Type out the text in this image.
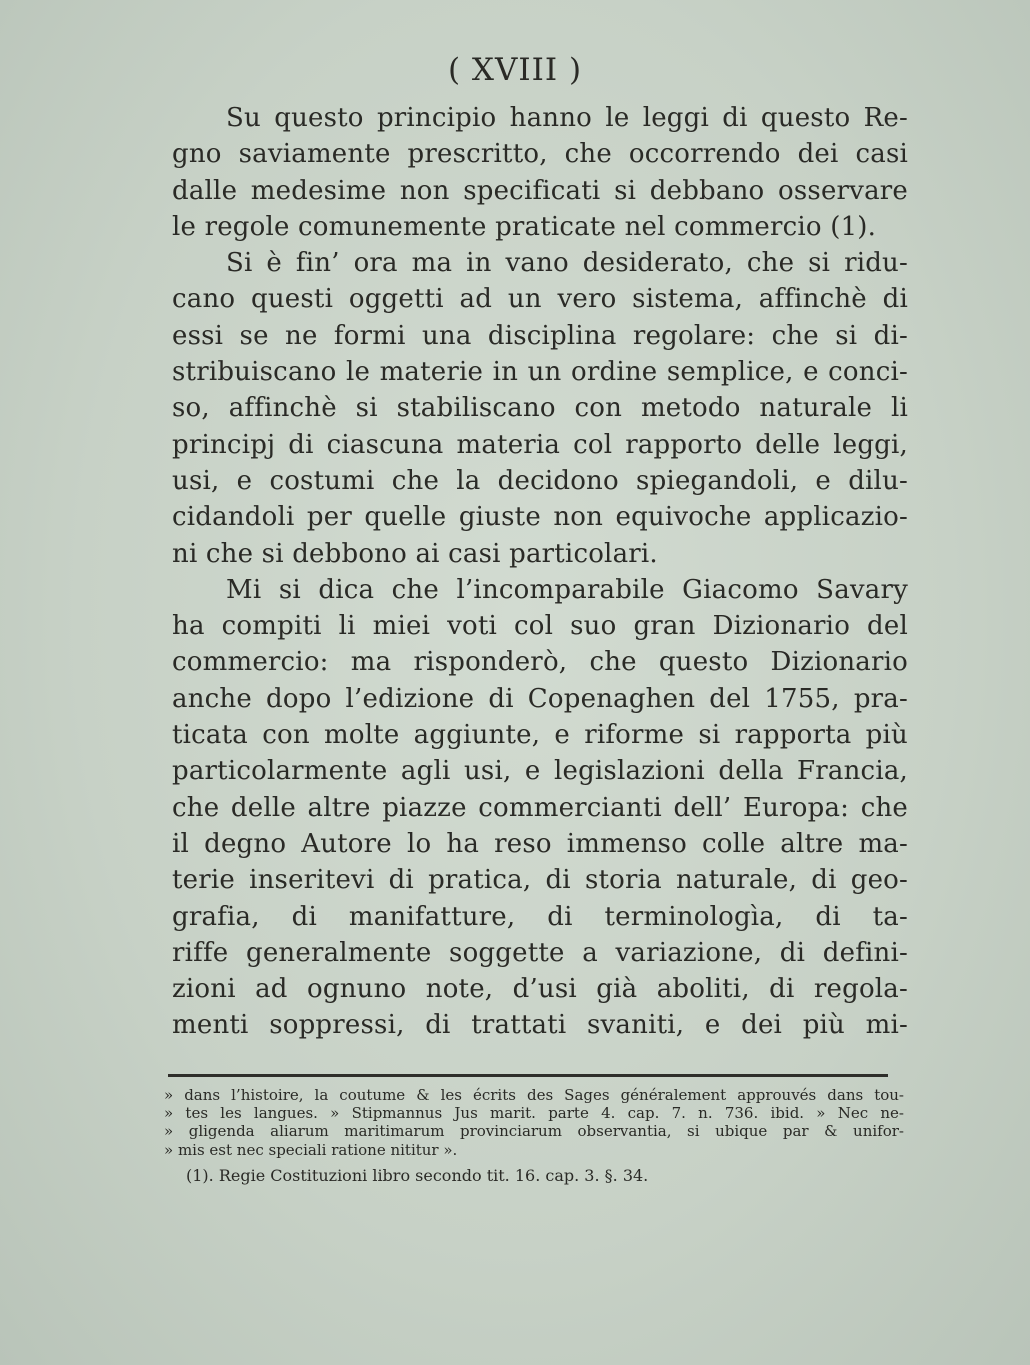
( XVIII )
Su questo principio hanno le leggi di questo Re-
gno saviamente prescritto, che occorrendo dei casi
dalle medesime non specificati si debbano osservare
le regole comunemente praticate nel commercio (1).
Si è fin’ ora ma in vano desiderato, che si ridu-
cano questi oggetti ad un vero sistema, affinchè di
essi se ne formi una disciplina regolare: che si di-
stribuiscano le materie in un ordine semplice, e conci-
so, affinchè si stabiliscano con metodo naturale li
principj di ciascuna materia col rapporto delle leggi,
usi, e costumi che la decidono spiegandoli, e dilu-
cidandoli per quelle giuste non equivoche applicazio-
ni che si debbono ai casi particolari.
Mi si dica che l’incomparabile Giacomo Savary
ha compiti li miei voti col suo gran Dizionario del
commercio: ma risponderò, che questo Dizionario
anche dopo l’edizione di Copenaghen del 1755, pra-
ticata con molte aggiunte, e riforme si rapporta più
particolarmente agli usi, e legislazioni della Francia,
che delle altre piazze commercianti dell’ Europa: che
il degno Autore lo ha reso immenso colle altre ma-
terie inseritevi di pratica, di storia naturale, di geo-
grafia, di manifatture, di terminologìa, di ta-
riffe generalmente soggette a variazione, di defini-
zioni ad ognuno note, d’usi già aboliti, di regola-
menti soppressi, di trattati svaniti, e dei più mi-
» dans l’histoire, la coutume & les écrits des Sages généralement approuvés dans tou-
» tes les langues. » Stipmannus Jus marit. parte 4. cap. 7. n. 736. ibid. » Nec ne-
» gligenda aliarum maritimarum provinciarum observantia, si ubique par & unifor-
» mis est nec speciali ratione nititur ».
(1). Regie Costituzioni libro secondo tit. 16. cap. 3. §. 34.
